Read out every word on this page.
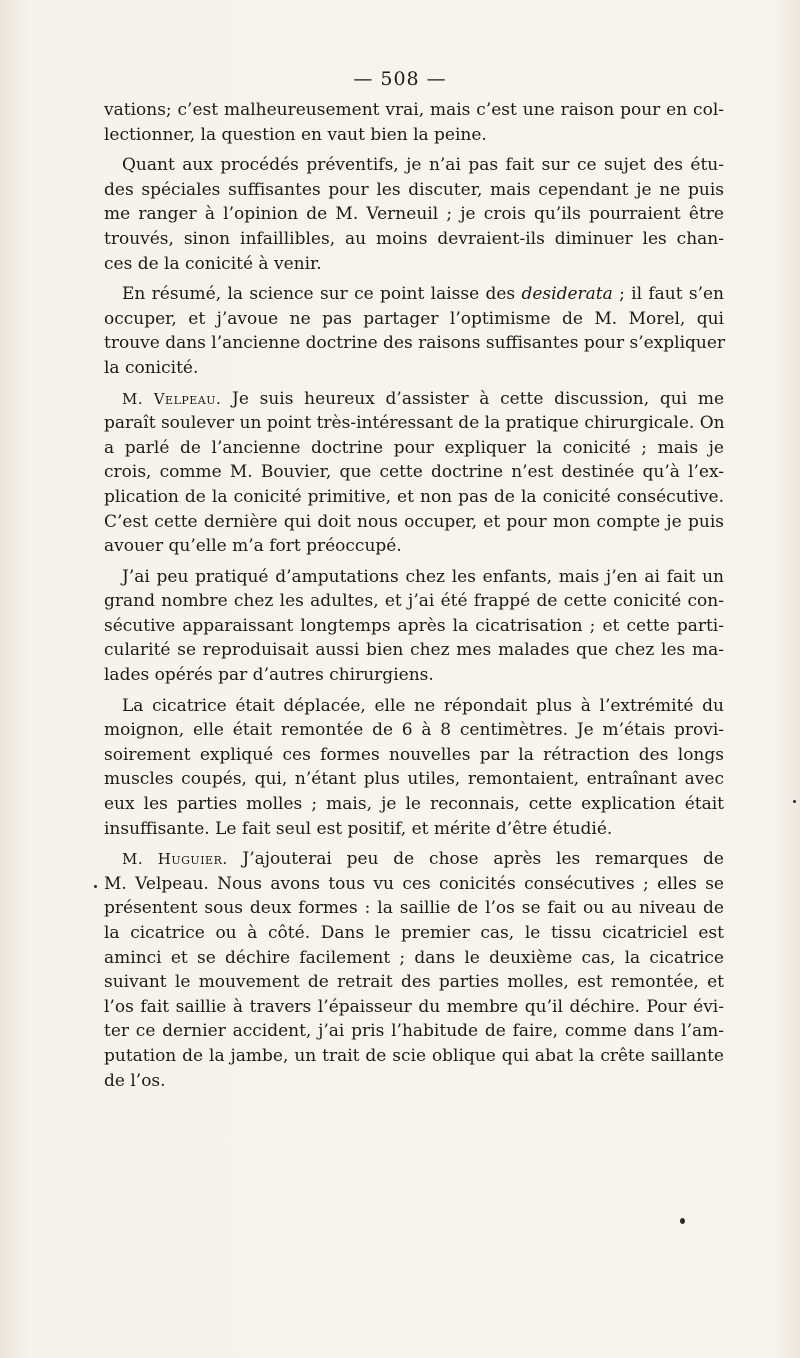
— 508 —
vations; c’est malheureusement vrai, mais c’est une raison pour en col-
lectionner, la question en vaut bien la peine.
Quant aux procédés préventifs, je n’ai pas fait sur ce sujet des étu-
des spéciales suffisantes pour les discuter, mais cependant je ne puis
me ranger à l’opinion de M. Verneuil ; je crois qu’ils pourraient être
trouvés, sinon infaillibles, au moins devraient-ils diminuer les chan-
ces de la conicité à venir.
En résumé, la science sur ce point laisse des desiderata ; il faut s’en
occuper, et j’avoue ne pas partager l’optimisme de M. Morel, qui
trouve dans l’ancienne doctrine des raisons suffisantes pour s’expliquer
la conicité.
M. Velpeau. Je suis heureux d’assister à cette discussion, qui me
paraît soulever un point très-intéressant de la pratique chirurgicale. On
a parlé de l’ancienne doctrine pour expliquer la conicité ; mais je
crois, comme M. Bouvier, que cette doctrine n’est destinée qu’à l’ex-
plication de la conicité primitive, et non pas de la conicité consécutive.
C’est cette dernière qui doit nous occuper, et pour mon compte je puis
avouer qu’elle m’a fort préoccupé.
J’ai peu pratiqué d’amputations chez les enfants, mais j’en ai fait un
grand nombre chez les adultes, et j’ai été frappé de cette conicité con-
sécutive apparaissant longtemps après la cicatrisation ; et cette parti-
cularité se reproduisait aussi bien chez mes malades que chez les ma-
lades opérés par d’autres chirurgiens.
La cicatrice était déplacée, elle ne répondait plus à l’extrémité du
moignon, elle était remontée de 6 à 8 centimètres. Je m’étais provi-
soirement expliqué ces formes nouvelles par la rétraction des longs
muscles coupés, qui, n’étant plus utiles, remontaient, entraînant avec
eux les parties molles ; mais, je le reconnais, cette explication était
insuffisante. Le fait seul est positif, et mérite d’être étudié.
M. Huguier. J’ajouterai peu de chose après les remarques de
M. Velpeau. Nous avons tous vu ces conicités consécutives ; elles se
présentent sous deux formes : la saillie de l’os se fait ou au niveau de
la cicatrice ou à côté. Dans le premier cas, le tissu cicatriciel est
aminci et se déchire facilement ; dans le deuxième cas, la cicatrice
suivant le mouvement de retrait des parties molles, est remontée, et
l’os fait saillie à travers l’épaisseur du membre qu’il déchire. Pour évi-
ter ce dernier accident, j’ai pris l’habitude de faire, comme dans l’am-
putation de la jambe, un trait de scie oblique qui abat la crête saillante
de l’os.
